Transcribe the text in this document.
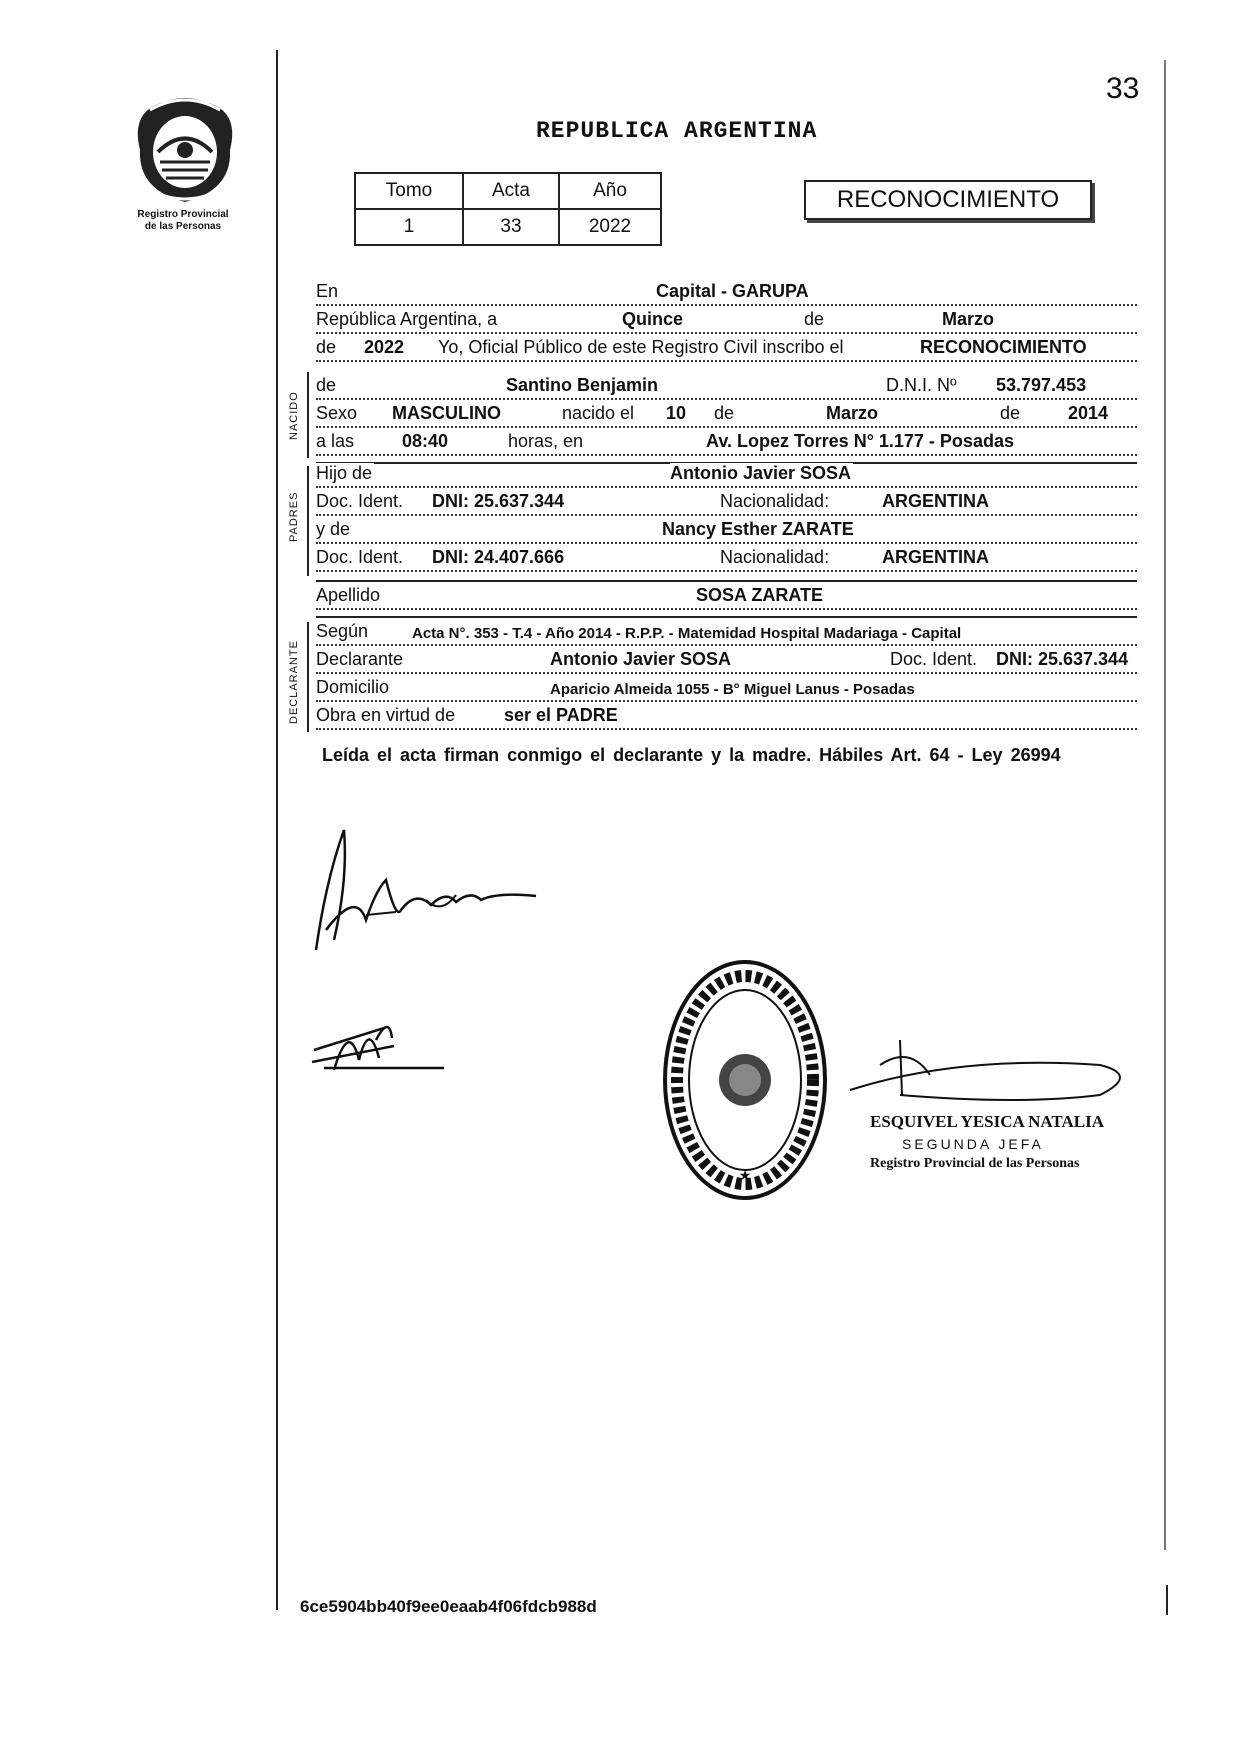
Registro Provincial
de las Personas
33
REPUBLICA ARGENTINA
Tomo	Acta	Año
1	33	2022
RECONOCIMIENTO
En	Capital - GARUPA
República Argentina, a	Quince	de	Marzo
de 2022 Yo, Oficial Público de este Registro Civil inscribo el	RECONOCIMIENTO
NACIDO
de	Santino Benjamin	D.N.I. Nº 53.797.453
Sexo MASCULINO	nacido el 10 de	Marzo	de	2014
a las	08:40	horas, en	Av. Lopez Torres N° 1.177 - Posadas
PADRES
Hijo de	Antonio Javier SOSA
Doc. Ident. DNI: 25.637.344	Nacionalidad:	ARGENTINA
y de	Nancy Esther ZARATE
Doc. Ident. DNI: 24.407.666	Nacionalidad:	ARGENTINA
Apellido	SOSA ZARATE
DECLARANTE
Según	Acta N°. 353 - T.4 - Año 2014 - R.P.P. - Matemidad Hospital Madariaga - Capital
Declarante	Antonio Javier SOSA	Doc. Ident. DNI: 25.637.344
Domicilio	Aparicio Almeida 1055 - B° Miguel Lanus - Posadas
Obra en virtud de	ser el PADRE
Leída el acta firman conmigo el declarante y la madre. Hábiles Art. 64 - Ley 26994
★
ESQUIVEL YESICA NATALIA
SEGUNDA JEFA
Registro Provincial de las Personas
6ce5904bb40f9ee0eaab4f06fdcb988d
